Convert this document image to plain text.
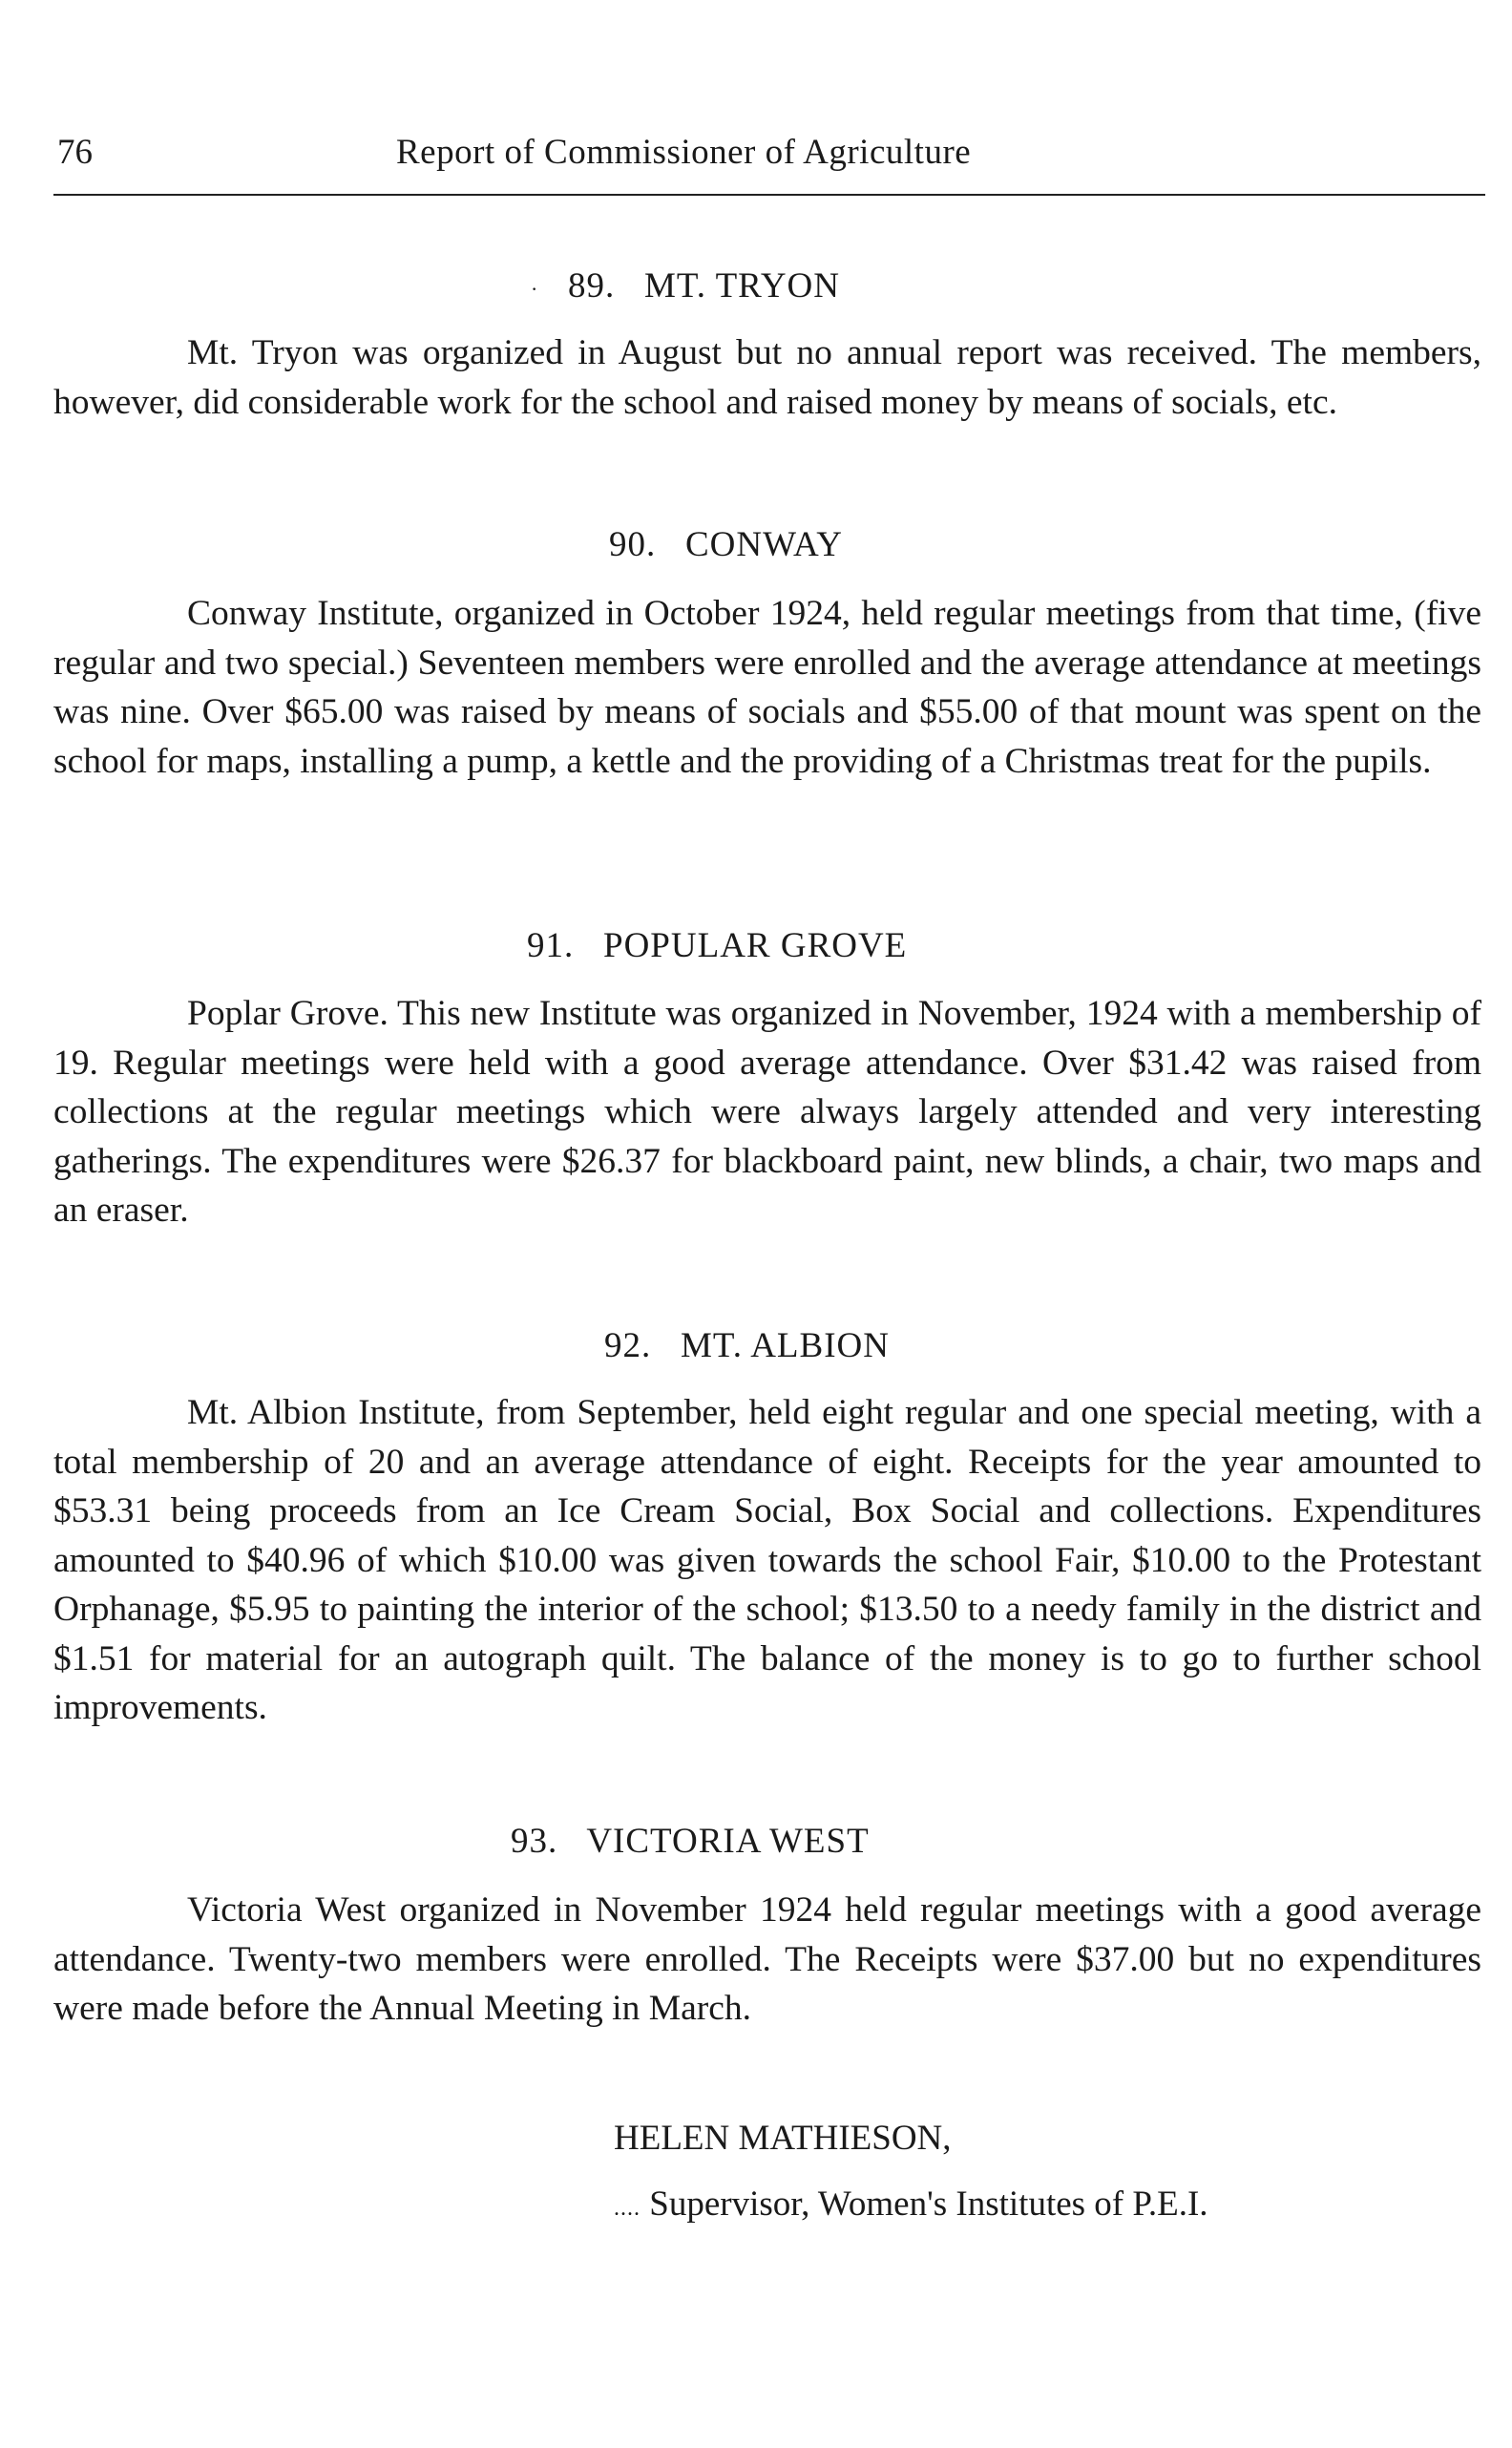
76	Report of Commissioner of Agriculture
· 89.   MT. TRYON

Mt. Tryon was organized in August but no annual report was received. The members, however, did considerable work for the school and raised money by means of socials, etc.

90.   CONWAY

Conway Institute, organized in October 1924, held regular meetings from that time, (five regular and two special.) Seventeen members were enrolled and the average attendance at meetings was nine. Over $65.00 was raised by means of socials and $55.00 of that mount was spent on the school for maps, installing a pump, a kettle and the providing of a Christmas treat for the pupils.

91.   POPULAR GROVE

Poplar Grove. This new Institute was organized in November, 1924 with a membership of 19. Regular meetings were held with a good average attendance. Over $31.42 was raised from collections at the regular meetings which were always largely attended and very interesting gatherings. The expenditures were $26.37 for blackboard paint, new blinds, a chair, two maps and an eraser.

92.   MT. ALBION

Mt. Albion Institute, from September, held eight regular and one special meeting, with a total membership of 20 and an average attendance of eight. Receipts for the year amounted to $53.31 being proceeds from an Ice Cream Social, Box Social and collections. Expenditures amounted to $40.96 of which $10.00 was given towards the school Fair, $10.00 to the Protestant Orphanage, $5.95 to painting the interior of the school; $13.50 to a needy family in the district and $1.51 for material for an autograph quilt. The balance of the money is to go to further school improvements.

93.   VICTORIA WEST

Victoria West organized in November 1924 held regular meetings with a good average attendance. Twenty-two members were enrolled. The Receipts were $37.00 but no expenditures were made before the Annual Meeting in March.

HELEN MATHIESON,
.... Supervisor, Women's Institutes of P.E.I.
